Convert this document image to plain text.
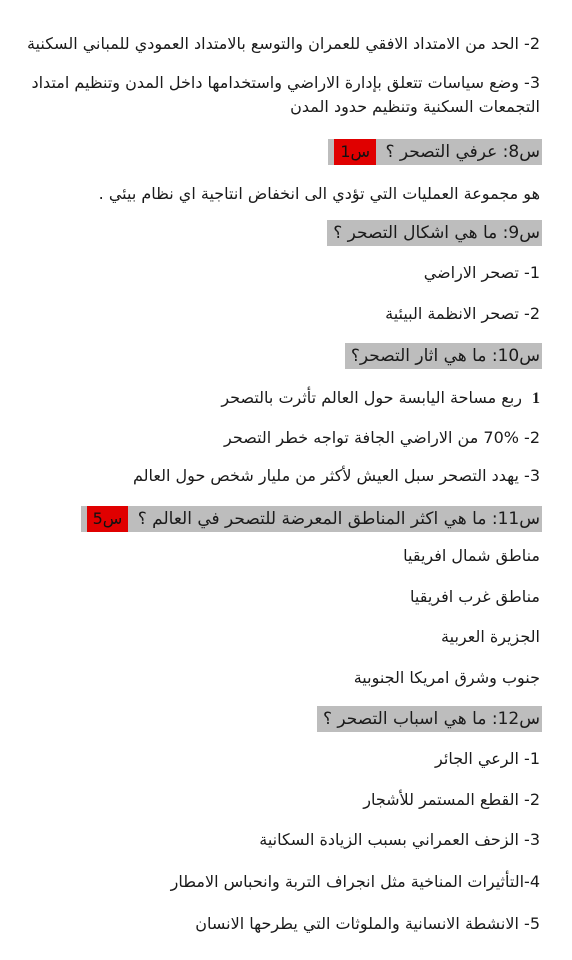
2- الحد من الامتداد الافقي للعمران والتوسع بالامتداد العمودي للمباني السكنية
3- وضع سياسات تتعلق بإدارة الاراضي واستخدامها داخل المدن وتنظيم امتداد التجمعات السكنية وتنظيم حدود المدن
س8: عرفي التصحر ؟ س1
هو مجموعة العمليات التي تؤدي الى انخفاض انتاجية اي نظام بيئي .
س9: ما هي اشكال التصحر ؟
1- تصحر الاراضي
2- تصحر الانظمة البيئية
س10: ما هي اثار التصحر؟
1ربع مساحة اليابسة حول العالم تأثرت بالتصحر
2- 70% من الاراضي الجافة تواجه خطر التصحر
3- يهدد التصحر سبل العيش لأكثر من مليار شخص حول العالم
س11: ما هي اكثر المناطق المعرضة للتصحر في العالم ؟ س5
مناطق شمال افريقيا
مناطق غرب افريقيا
الجزيرة العربية
جنوب وشرق امريكا الجنوبية
س12: ما هي اسباب التصحر ؟
1- الرعي الجائر
2- القطع المستمر للأشجار
3- الزحف العمراني بسبب الزيادة السكانية
4-التأثيرات المناخية مثل انجراف التربة وانحباس الامطار
5- الانشطة الانسانية والملوثات التي يطرحها الانسان
